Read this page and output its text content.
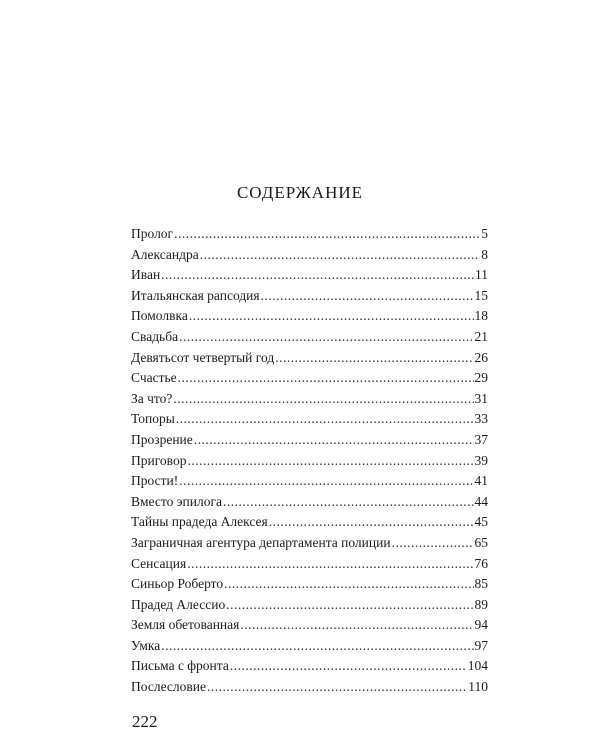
СОДЕРЖАНИЕ
Пролог .....	5
Александра .....	8
Иван .....	11
Итальянская рапсодия .....	15
Помолвка .....	18
Свадьба .....	21
Девятьсот четвертый год .....	26
Счастье .....	29
За что? .....	31
Топоры .....	33
Прозрение .....	37
Приговор .....	39
Прости! .....	41
Вместо эпилога .....	44
Тайны прадеда Алексея .....	45
Заграничная агентура департамента полиции .....	65
Сенсация .....	76
Синьор Роберто .....	85
Прадед Алессио .....	89
Земля обетованная .....	94
Умка .....	97
Письма с фронта .....	104
Послесловие .....	110
222
